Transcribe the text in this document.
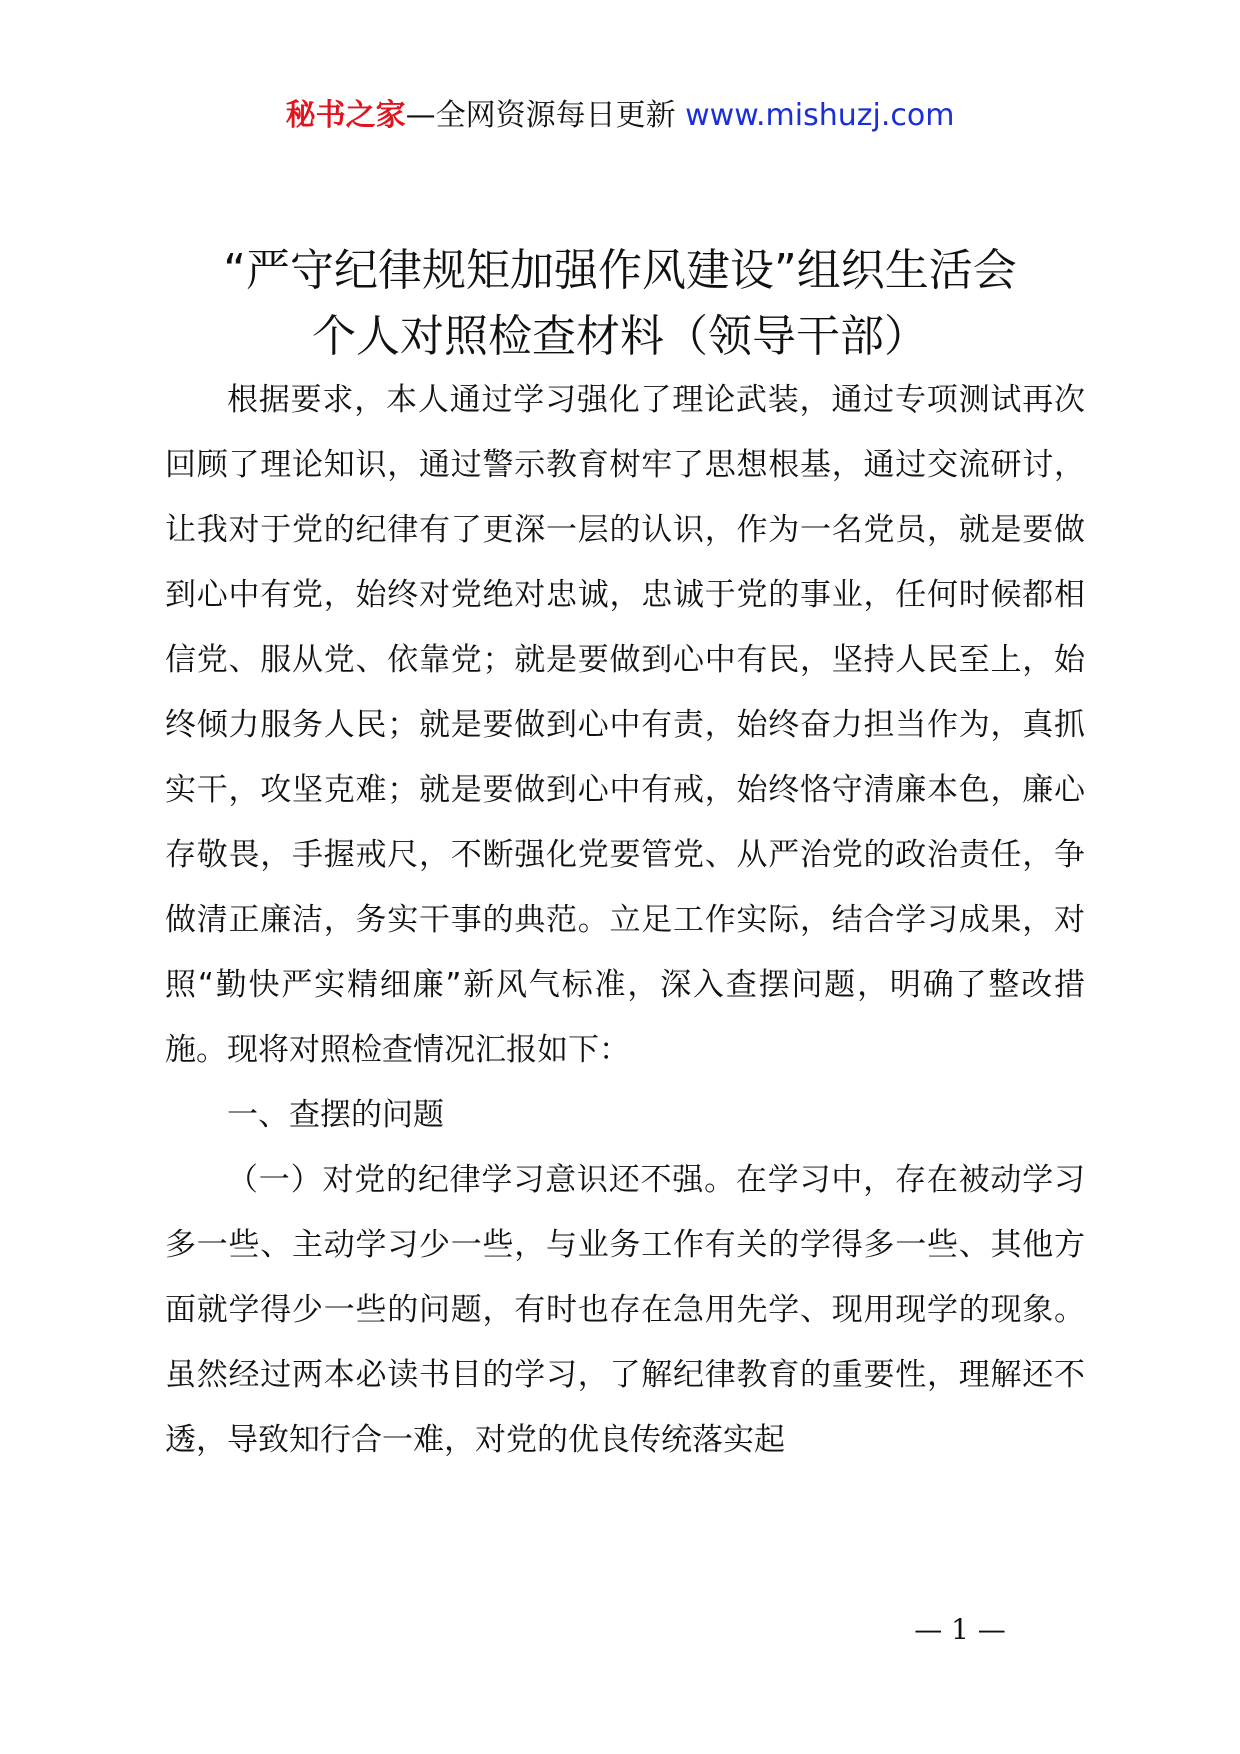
秘书之家—全网资源每日更新 www.mishuzj.com
“严守纪律规矩加强作风建设”组织生活会
个人对照检查材料（领导干部）

根据要求，本人通过学习强化了理论武装，通过专项测试再次回顾了理论知识，通过警示教育树牢了思想根基，通过交流研讨，让我对于党的纪律有了更深一层的认识，作为一名党员，就是要做到心中有党，始终对党绝对忠诚，忠诚于党的事业，任何时候都相信党、服从党、依靠党；就是要做到心中有民，坚持人民至上，始终倾力服务人民；就是要做到心中有责，始终奋力担当作为，真抓实干，攻坚克难；就是要做到心中有戒，始终恪守清廉本色，廉心存敬畏，手握戒尺，不断强化党要管党、从严治党的政治责任，争做清正廉洁，务实干事的典范。立足工作实际，结合学习成果，对照“勤快严实精细廉”新风气标准，深入查摆问题，明确了整改措施。现将对照检查情况汇报如下：

一、查摆的问题

（一）对党的纪律学习意识还不强。在学习中，存在被动学习多一些、主动学习少一些，与业务工作有关的学得多一些、其他方面就学得少一些的问题，有时也存在急用先学、现用现学的现象。虽然经过两本必读书目的学习，了解纪律教育的重要性，理解还不透，导致知行合一难，对党的优良传统落实起

— 1 —
